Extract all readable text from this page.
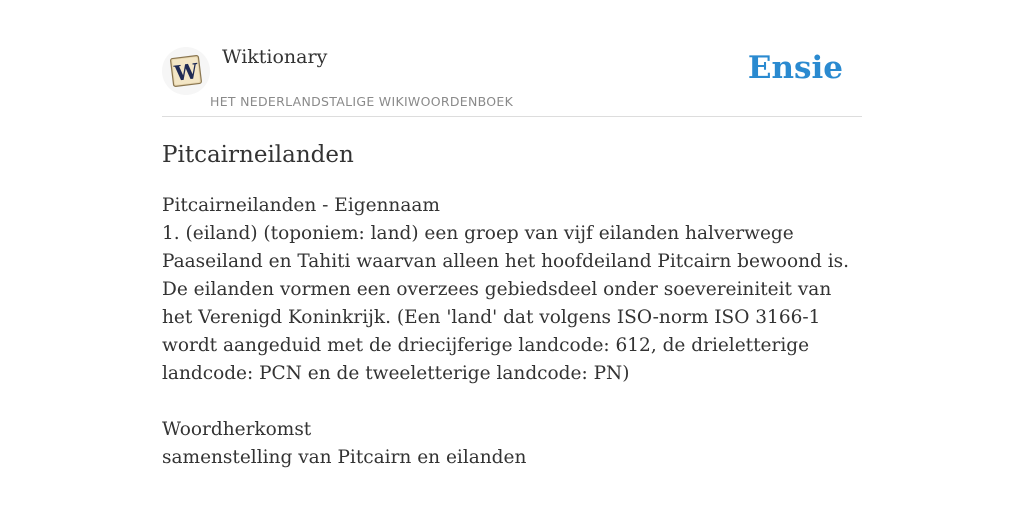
W
Wiktionary
HET NEDERLANDSTALIGE WIKIWOORDENBOEK
Ensie
Pitcairneilanden

Pitcairneilanden - Eigennaam

1. (eiland) (toponiem: land) een groep van vijf eilanden halverwege Paaseiland en Tahiti waarvan alleen het hoofdeiland Pitcairn bewoond is. De eilanden vormen een overzees gebiedsdeel onder soevereiniteit van het Verenigd Koninkrijk. (Een 'land' dat volgens ISO-norm ISO 3166-1 wordt aangeduid met de driecijferige landcode: 612, de drieletterige landcode: PCN en de tweeletterige landcode: PN)

Woordherkomst

samenstelling van Pitcairn en eilanden
